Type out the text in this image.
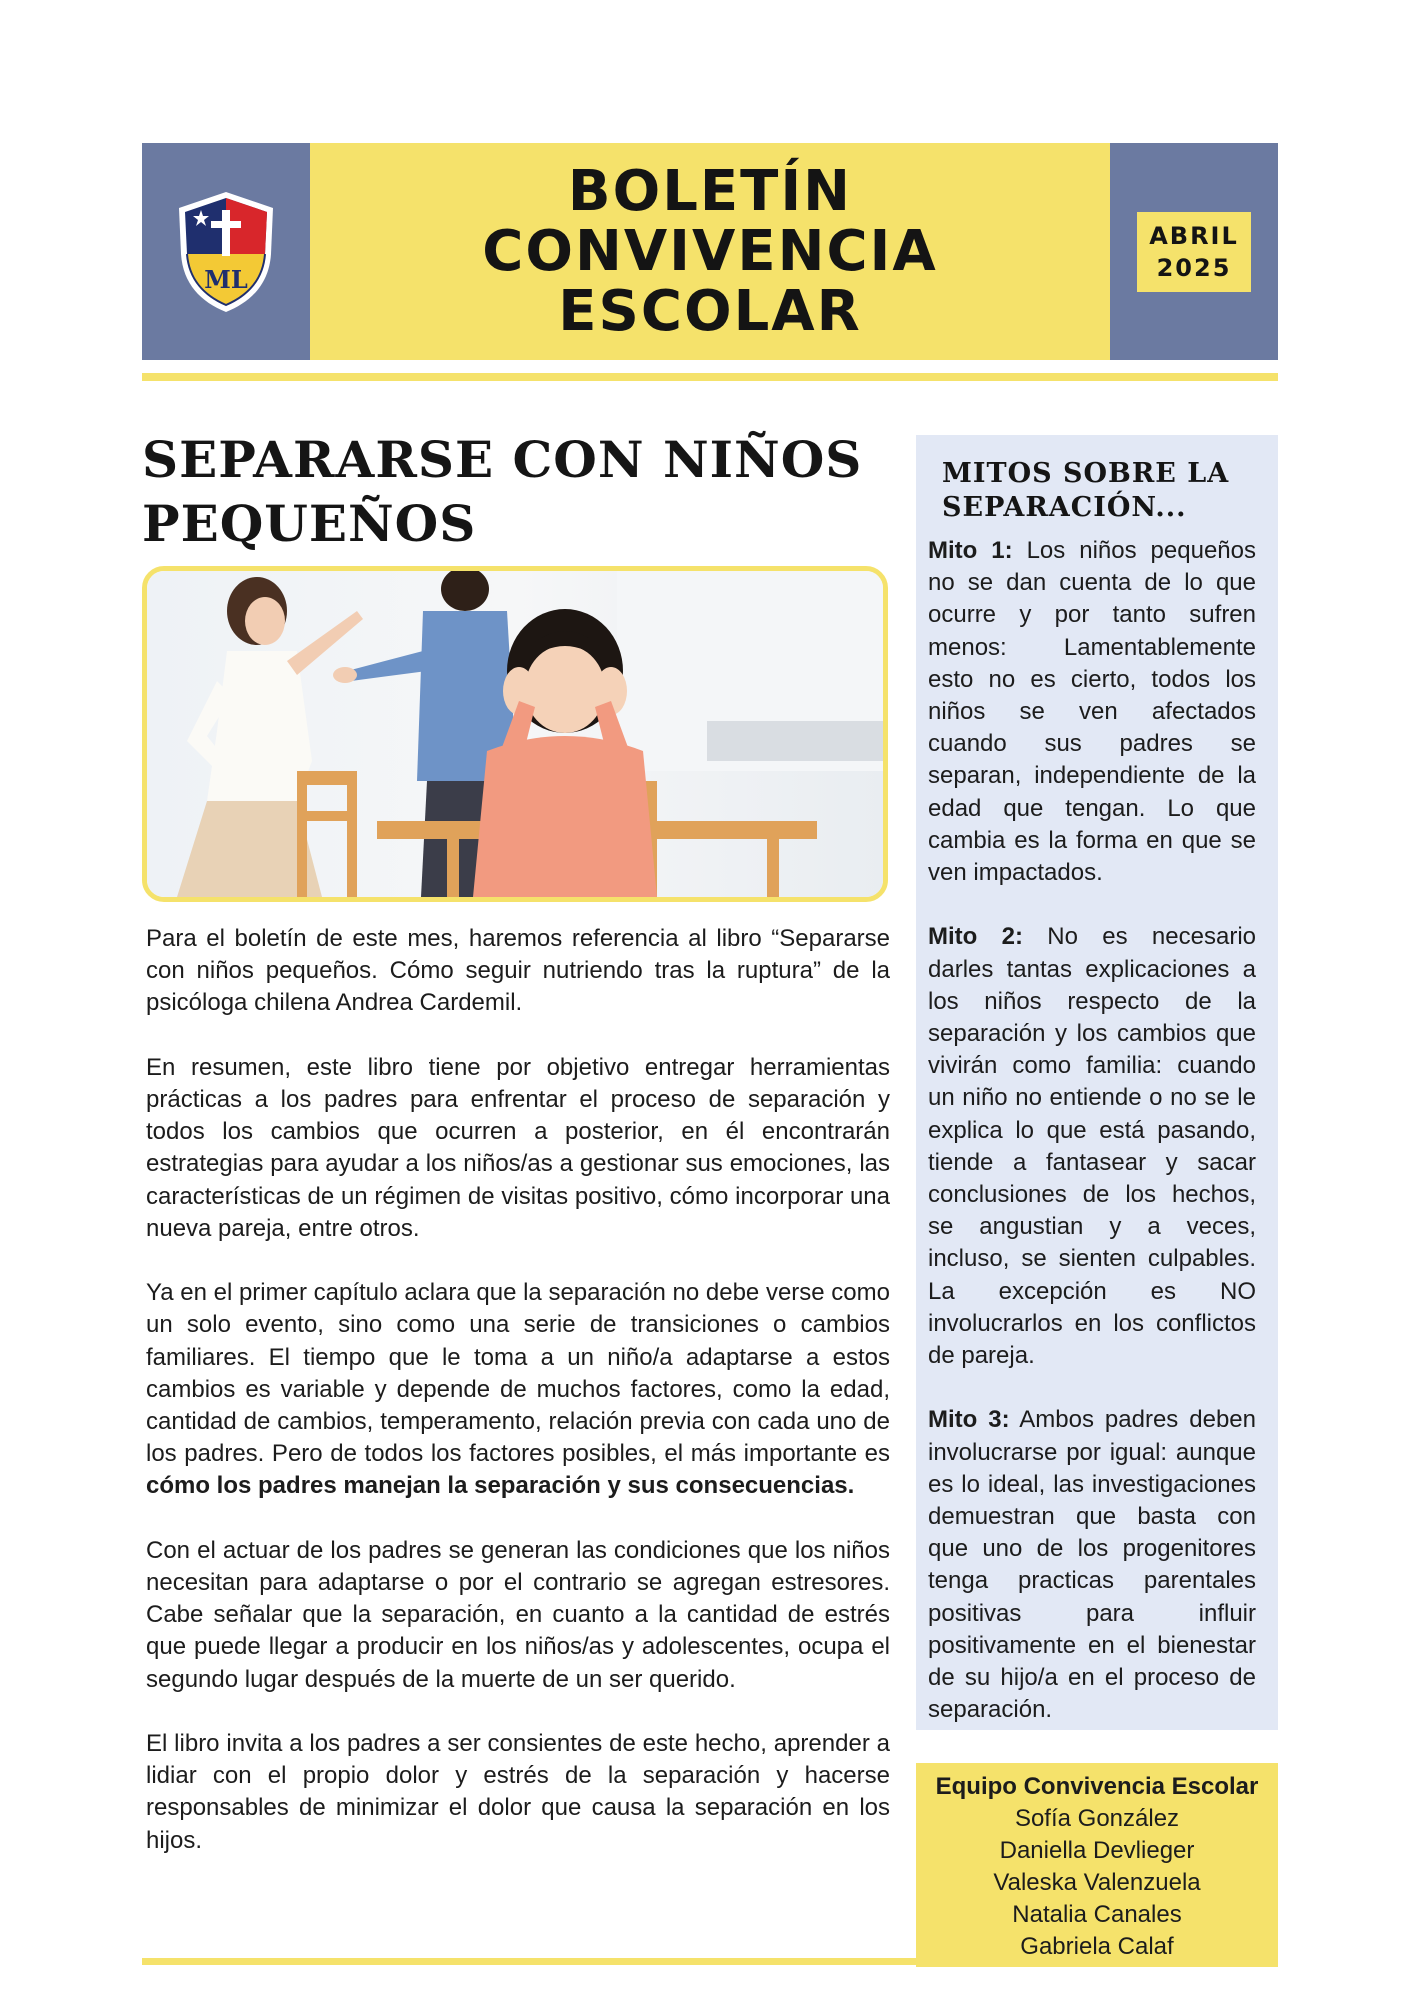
ML
BOLETÍN
CONVIVENCIA
ESCOLAR
ABRIL
2025
SEPARARSE CON NIÑOS PEQUEÑOS

Para el boletín de este mes, haremos referencia al libro “Separarse con niños pequeños. Cómo seguir nutriendo tras la ruptura” de la psicóloga chilena Andrea Cardemil.

En resumen, este libro tiene por objetivo entregar herramientas prácticas a los padres para enfrentar el proceso de separación y todos los cambios que ocurren a posterior, en él encontrarán estrategias para ayudar a los niños/as a gestionar sus emociones, las características de un régimen de visitas positivo, cómo incorporar una nueva pareja, entre otros.

Ya en el primer capítulo aclara que la separación no debe verse como un solo evento, sino como una serie de transiciones o cambios familiares. El tiempo que le toma a un niño/a adaptarse a estos cambios es variable y depende de muchos factores, como la edad, cantidad de cambios, temperamento, relación previa con cada uno de los padres. Pero de todos los factores posibles, el más importante es cómo los padres manejan la separación y sus consecuencias.

Con el actuar de los padres se generan las condiciones que los niños necesitan para adaptarse o por el contrario se agregan estresores. Cabe señalar que la separación, en cuanto a la cantidad de estrés que puede llegar a producir en los niños/as y adolescentes, ocupa el segundo lugar después de la muerte de un ser querido.

El libro invita a los padres a ser consientes de este hecho, aprender a lidiar con el propio dolor y estrés de la separación y hacerse responsables de minimizar el dolor que causa la separación en los hijos.

MITOS SOBRE LA SEPARACIÓN...

Mito 1: Los niños pequeños no se dan cuenta de lo que ocurre y por tanto sufren menos: Lamentablemente esto no es cierto, todos los niños se ven afectados cuando sus padres se separan, independiente de la edad que tengan. Lo que cambia es la forma en que se ven impactados.

Mito 2: No es necesario darles tantas explicaciones a los niños respecto de la separación y los cambios que vivirán como familia: cuando un niño no entiende o no se le explica lo que está pasando, tiende a fantasear y sacar conclusiones de los hechos, se angustian y a veces, incluso, se sienten culpables. La excepción es NO involucrarlos en los conflictos de pareja.

Mito 3: Ambos padres deben involucrarse por igual: aunque es lo ideal, las investigaciones demuestran que basta con que uno de los progenitores tenga practicas parentales positivas para influir positivamente en el bienestar de su hijo/a en el proceso de separación.

Equipo Convivencia Escolar
Sofía González
Daniella Devlieger
Valeska Valenzuela
Natalia Canales
Gabriela Calaf
